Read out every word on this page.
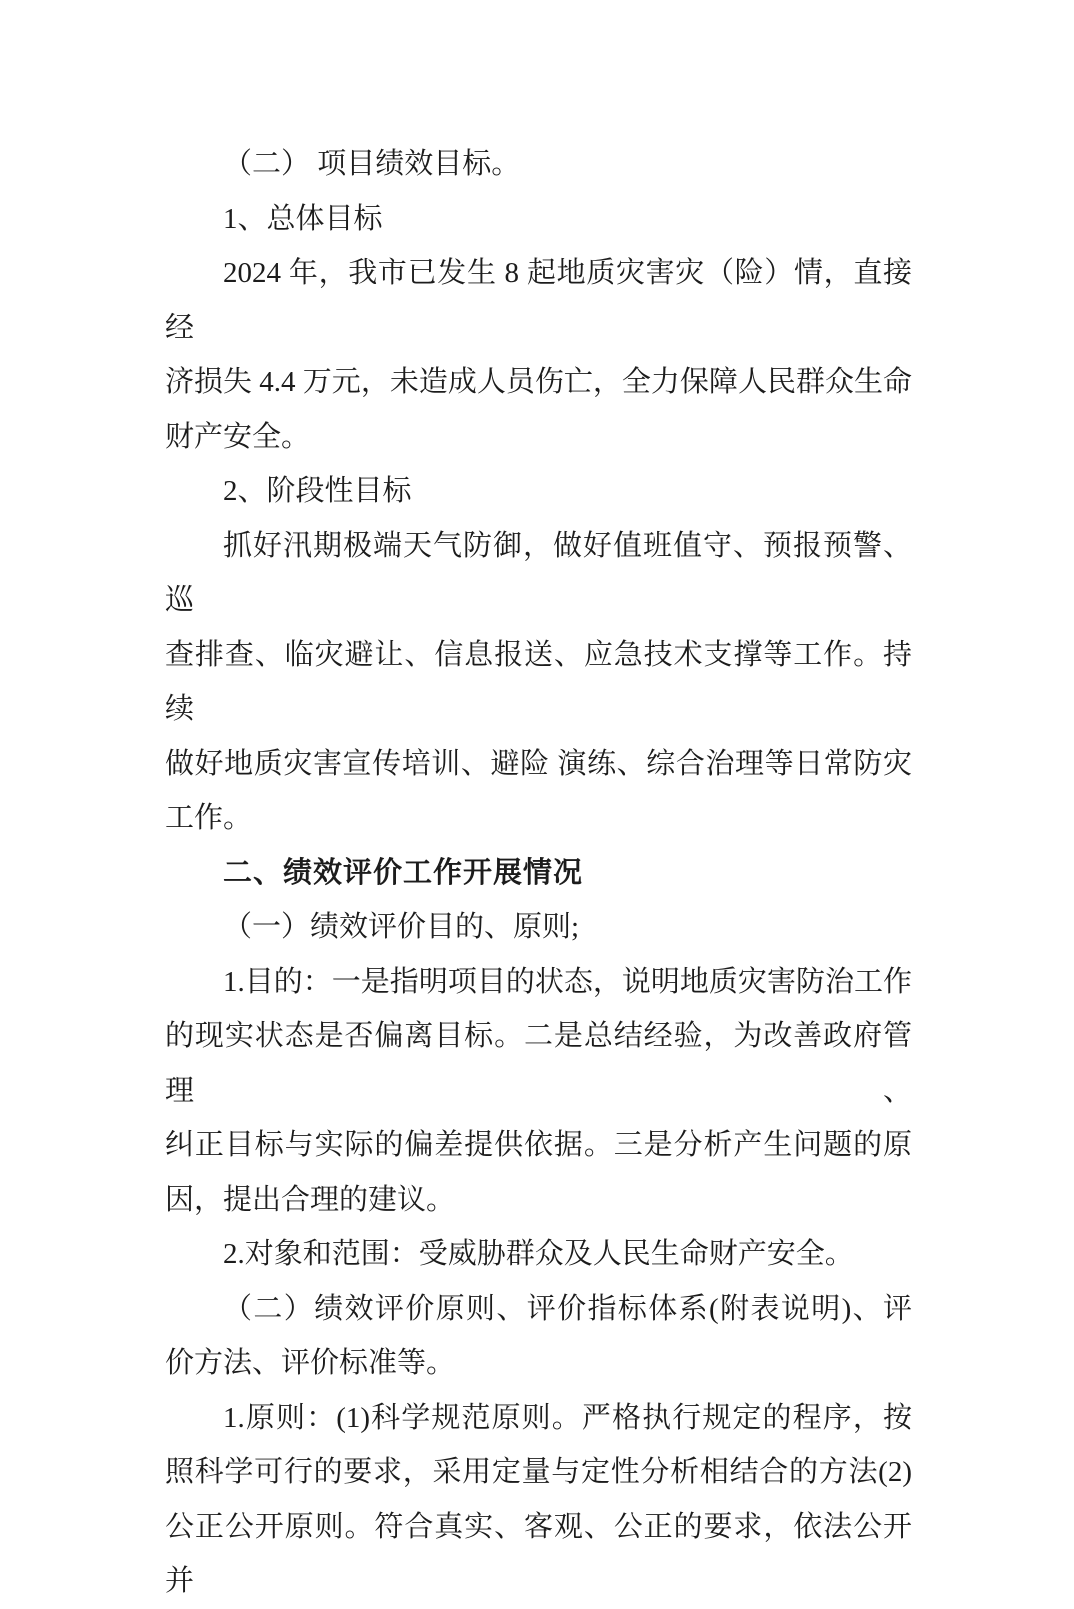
（二） 项目绩效目标。
1、总体目标
2024 年，我市已发生 8 起地质灾害灾（险）情，直接经
济损失 4.4 万元，未造成人员伤亡，全力保障人民群众生命
财产安全。
2、阶段性目标
抓好汛期极端天气防御，做好值班值守、预报预警、巡
查排查、临灾避让、信息报送、应急技术支撑等工作。持续
做好地质灾害宣传培训、避险 演练、综合治理等日常防灾
工作。
二、绩效评价工作开展情况
（一）绩效评价目的、原则;
1.目的：一是指明项目的状态，说明地质灾害防治工作
的现实状态是否偏离目标。二是总结经验，为改善政府管理、
纠正目标与实际的偏差提供依据。三是分析产生问题的原
因，提出合理的建议。
2.对象和范围：受威胁群众及人民生命财产安全。
（二）绩效评价原则、评价指标体系(附表说明)、评
价方法、评价标准等。
1.原则：(1)科学规范原则。严格执行规定的程序，按
照科学可行的要求，采用定量与定性分析相结合的方法(2)
公正公开原则。符合真实、客观、公正的要求，依法公开并
